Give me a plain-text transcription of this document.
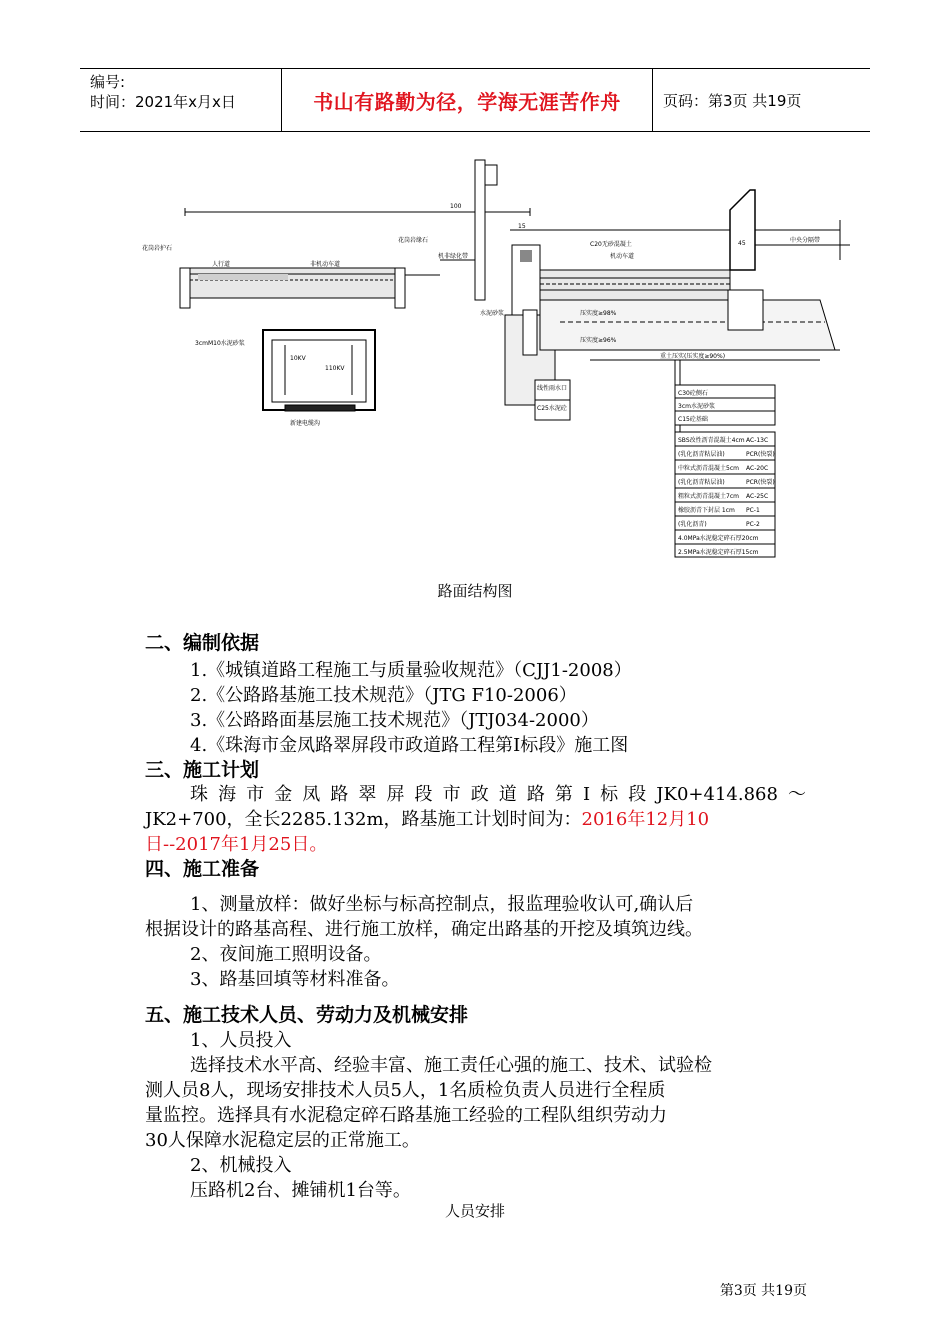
编号:
时间：2021年x月x日	书山有路勤为径，学海无涯苦作舟	页码：第3页 共19页
人行道	非机动车道
机非绿化带	机动车道
中央分隔带
花岗岩护石
花岗岩缘石
水泥砂浆
新建电缆沟
10KV
110KV
C20无砂混凝土
线性雨水口
C25水泥砼
3cmM10水泥砂浆
压实度≥98%
压实度≥96%
重土压实(压实度≥90%)
100
15
45
C30砼侧石
3cm水泥砂浆
C15砼基础
SBS改性沥青混凝土4cm AC-13C
(乳化沥青粘层油)	PCR(快裂)
中粒式沥青混凝土5cm AC-20C
(乳化沥青粘层油)	PCR(快裂)
粗粒式沥青混凝土7cm AC-25C
橡胶沥青下封层 1cm PC-1
(乳化沥青)	PC-2
4.0MPa水泥稳定碎石厚20cm
2.5MPa水泥稳定碎石厚15cm
路面结构图
二、编制依据
1.《城镇道路工程施工与质量验收规范》（CJJ1-2008）
2.《公路路基施工技术规范》（JTG F10-2006）
3.《公路路面基层施工技术规范》（JTJ034-2000）
4.《珠海市金凤路翠屏段市政道路工程第Ⅰ标段》施工图
三、施工计划
珠海市金凤路翠屏段市政道路第Ⅰ标段JK0+414.868～
JK2+700，全长2285.132m，路基施工计划时间为：2016年12月10
日--2017年1月25日。
四、施工准备
1、测量放样：做好坐标与标高控制点，报监理验收认可,确认后
根据设计的路基高程、进行施工放样，确定出路基的开挖及填筑边线。
2、夜间施工照明设备。
3、路基回填等材料准备。
五、施工技术人员、劳动力及机械安排
1、人员投入
选择技术水平高、经验丰富、施工责任心强的施工、技术、试验检
测人员8人，现场安排技术人员5人，1名质检负责人员进行全程质
量监控。选择具有水泥稳定碎石路基施工经验的工程队组织劳动力
30人保障水泥稳定层的正常施工。
2、机械投入
压路机2台、摊铺机1台等。
人员安排
第3页 共19页
